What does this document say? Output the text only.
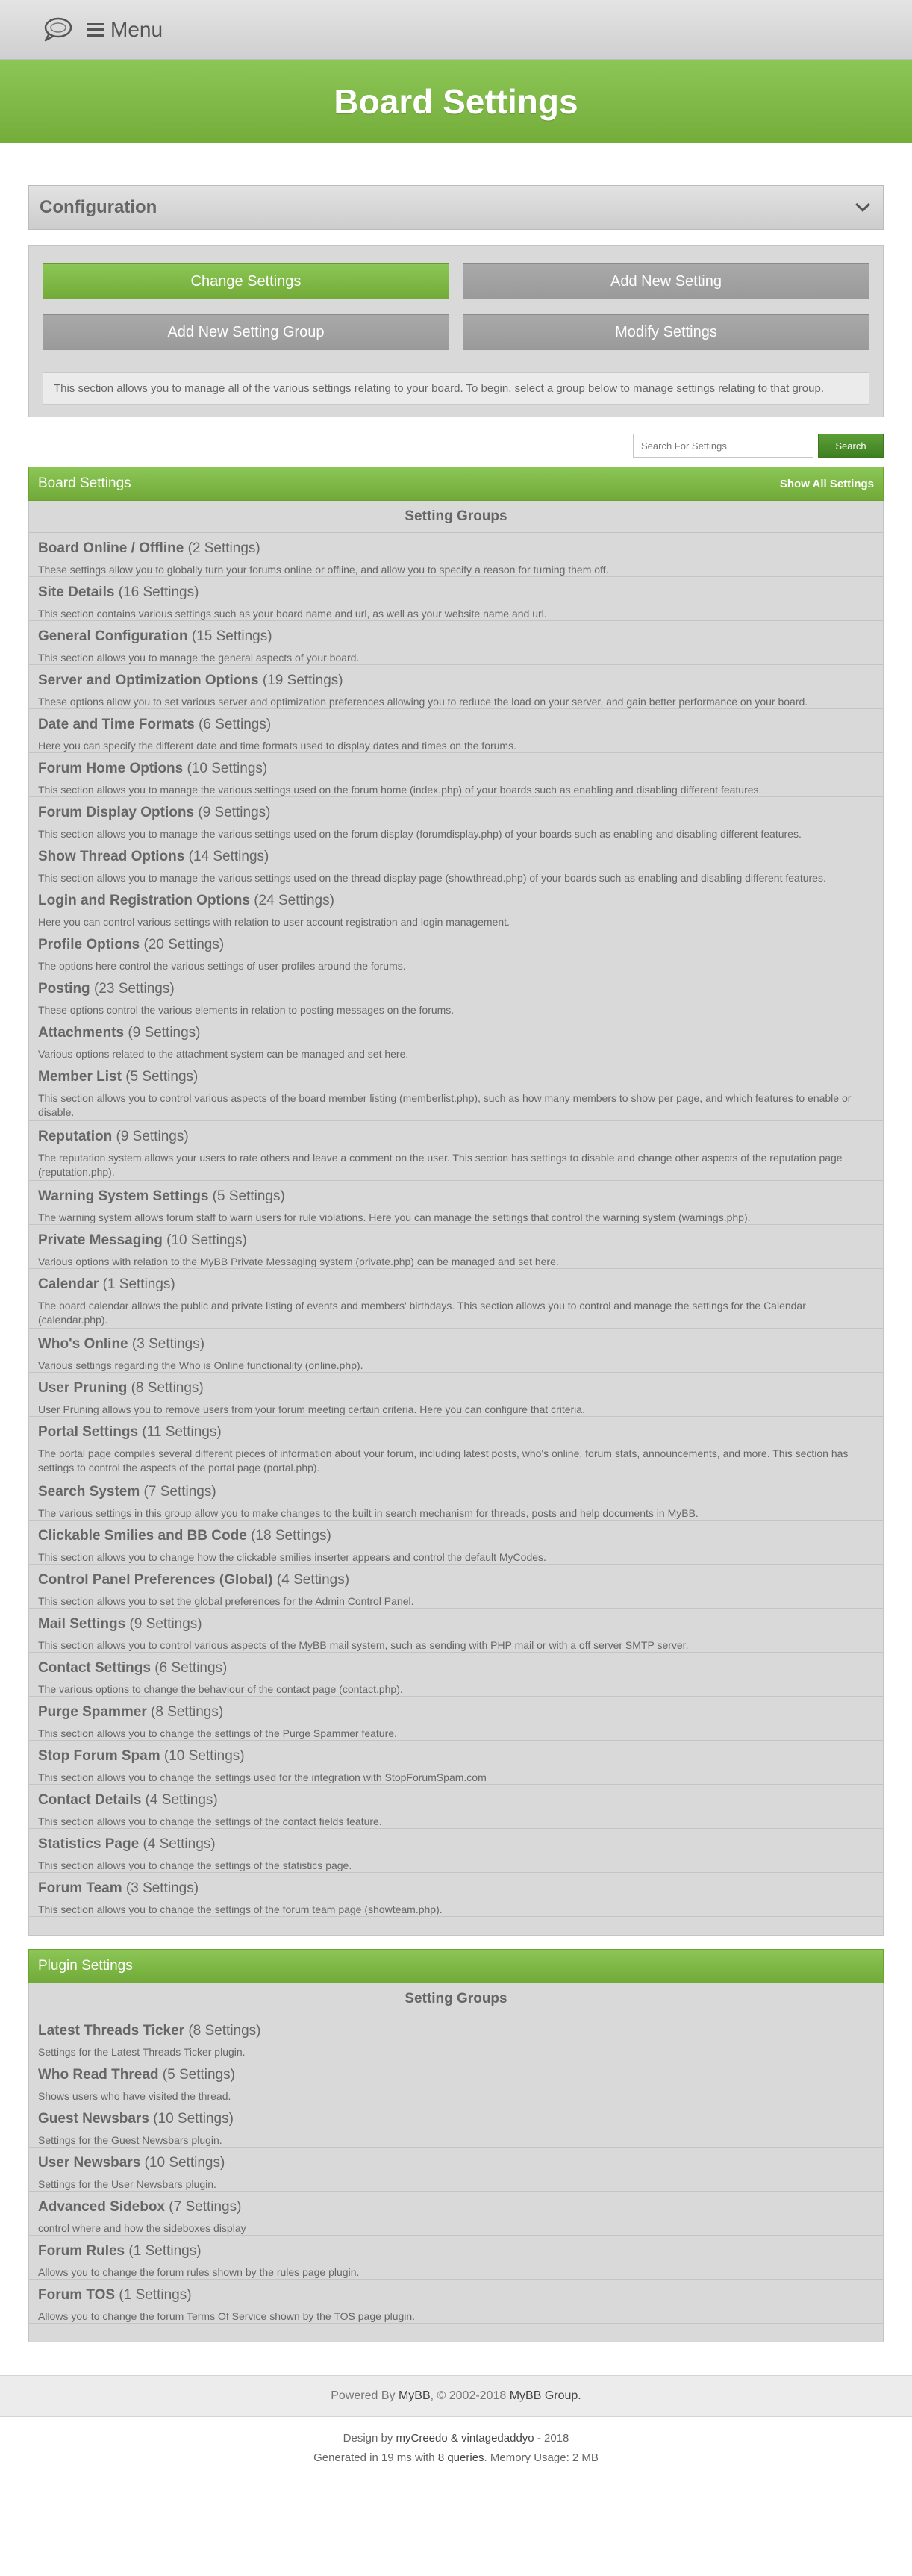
Menu
Board Settings
Configuration
Change Settings	Add New Setting
Add New Setting Group	Modify Settings
This section allows you to manage all of the various settings relating to your board. To begin, select a group below to manage settings relating to that group.
Search For Settings
Search
Board Settings	Show All Settings
Setting Groups
Board Online / Offline (2 Settings)
These settings allow you to globally turn your forums online or offline, and allow you to specify a reason for turning them off.
Site Details (16 Settings)
This section contains various settings such as your board name and url, as well as your website name and url.
General Configuration (15 Settings)
This section allows you to manage the general aspects of your board.
Server and Optimization Options (19 Settings)
These options allow you to set various server and optimization preferences allowing you to reduce the load on your server, and gain better performance on your board.
Date and Time Formats (6 Settings)
Here you can specify the different date and time formats used to display dates and times on the forums.
Forum Home Options (10 Settings)
This section allows you to manage the various settings used on the forum home (index.php) of your boards such as enabling and disabling different features.
Forum Display Options (9 Settings)
This section allows you to manage the various settings used on the forum display (forumdisplay.php) of your boards such as enabling and disabling different features.
Show Thread Options (14 Settings)
This section allows you to manage the various settings used on the thread display page (showthread.php) of your boards such as enabling and disabling different features.
Login and Registration Options (24 Settings)
Here you can control various settings with relation to user account registration and login management.
Profile Options (20 Settings)
The options here control the various settings of user profiles around the forums.
Posting (23 Settings)
These options control the various elements in relation to posting messages on the forums.
Attachments (9 Settings)
Various options related to the attachment system can be managed and set here.
Member List (5 Settings)
This section allows you to control various aspects of the board member listing (memberlist.php), such as how many members to show per page, and which features to enable or disable.
Reputation (9 Settings)
The reputation system allows your users to rate others and leave a comment on the user. This section has settings to disable and change other aspects of the reputation page (reputation.php).
Warning System Settings (5 Settings)
The warning system allows forum staff to warn users for rule violations. Here you can manage the settings that control the warning system (warnings.php).
Private Messaging (10 Settings)
Various options with relation to the MyBB Private Messaging system (private.php) can be managed and set here.
Calendar (1 Settings)
The board calendar allows the public and private listing of events and members' birthdays. This section allows you to control and manage the settings for the Calendar (calendar.php).
Who's Online (3 Settings)
Various settings regarding the Who is Online functionality (online.php).
User Pruning (8 Settings)
User Pruning allows you to remove users from your forum meeting certain criteria. Here you can configure that criteria.
Portal Settings (11 Settings)
The portal page compiles several different pieces of information about your forum, including latest posts, who's online, forum stats, announcements, and more. This section has settings to control the aspects of the portal page (portal.php).
Search System (7 Settings)
The various settings in this group allow you to make changes to the built in search mechanism for threads, posts and help documents in MyBB.
Clickable Smilies and BB Code (18 Settings)
This section allows you to change how the clickable smilies inserter appears and control the default MyCodes.
Control Panel Preferences (Global) (4 Settings)
This section allows you to set the global preferences for the Admin Control Panel.
Mail Settings (9 Settings)
This section allows you to control various aspects of the MyBB mail system, such as sending with PHP mail or with a off server SMTP server.
Contact Settings (6 Settings)
The various options to change the behaviour of the contact page (contact.php).
Purge Spammer (8 Settings)
This section allows you to change the settings of the Purge Spammer feature.
Stop Forum Spam (10 Settings)
This section allows you to change the settings used for the integration with StopForumSpam.com
Contact Details (4 Settings)
This section allows you to change the settings of the contact fields feature.
Statistics Page (4 Settings)
This section allows you to change the settings of the statistics page.
Forum Team (3 Settings)
This section allows you to change the settings of the forum team page (showteam.php).
Plugin Settings
Setting Groups
Latest Threads Ticker (8 Settings)
Settings for the Latest Threads Ticker plugin.
Who Read Thread (5 Settings)
Shows users who have visited the thread.
Guest Newsbars (10 Settings)
Settings for the Guest Newsbars plugin.
User Newsbars (10 Settings)
Settings for the User Newsbars plugin.
Advanced Sidebox (7 Settings)
control where and how the sideboxes display
Forum Rules (1 Settings)
Allows you to change the forum rules shown by the rules page plugin.
Forum TOS (1 Settings)
Allows you to change the forum Terms Of Service shown by the TOS page plugin.
Powered By
MyBB , © 2002-2018
MyBB Group.
Design by myCreedo & vintagedaddyo - 2018
Generated in 19 ms with 8 queries. Memory Usage: 2 MB
